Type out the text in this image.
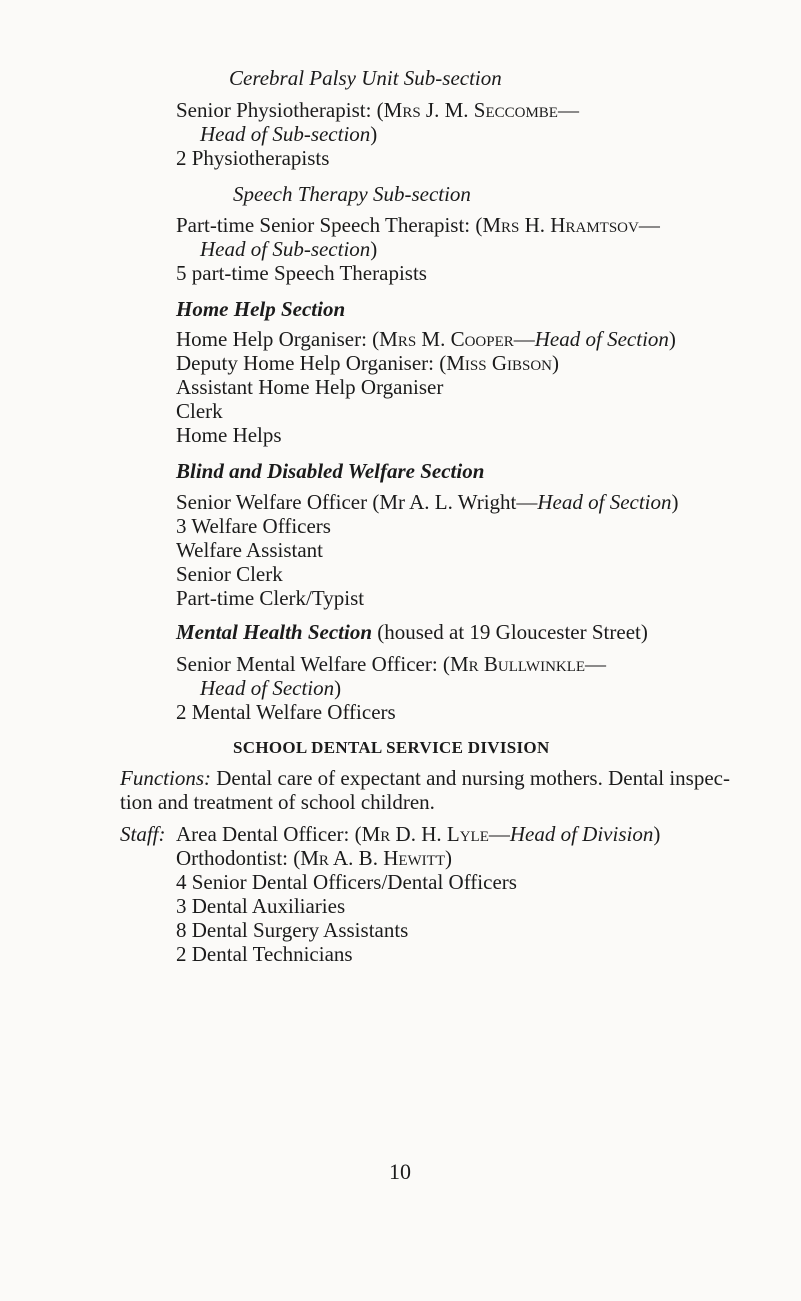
Cerebral Palsy Unit Sub-section
Senior Physiotherapist: (Mrs J. M. Seccombe—
Head of Sub-section)
2 Physiotherapists
Speech Therapy Sub-section
Part-time Senior Speech Therapist: (Mrs H. Hramtsov—
Head of Sub-section)
5 part-time Speech Therapists
Home Help Section
Home Help Organiser: (Mrs M. Cooper—Head of Section)
Deputy Home Help Organiser: (Miss Gibson)
Assistant Home Help Organiser
Clerk
Home Helps
Blind and Disabled Welfare Section
Senior Welfare Officer (Mr A. L. Wright—Head of Section)
3 Welfare Officers
Welfare Assistant
Senior Clerk
Part-time Clerk/Typist
Mental Health Section (housed at 19 Gloucester Street)
Senior Mental Welfare Officer: (Mr Bullwinkle—
Head of Section)
2 Mental Welfare Officers
SCHOOL DENTAL SERVICE DIVISION
Functions: Dental care of expectant and nursing mothers. Dental inspec-
tion and treatment of school children.
Staff: Area Dental Officer: (Mr D. H. Lyle—Head of Division)
Orthodontist: (Mr A. B. Hewitt)
4 Senior Dental Officers/Dental Officers
3 Dental Auxiliaries
8 Dental Surgery Assistants
2 Dental Technicians
10
